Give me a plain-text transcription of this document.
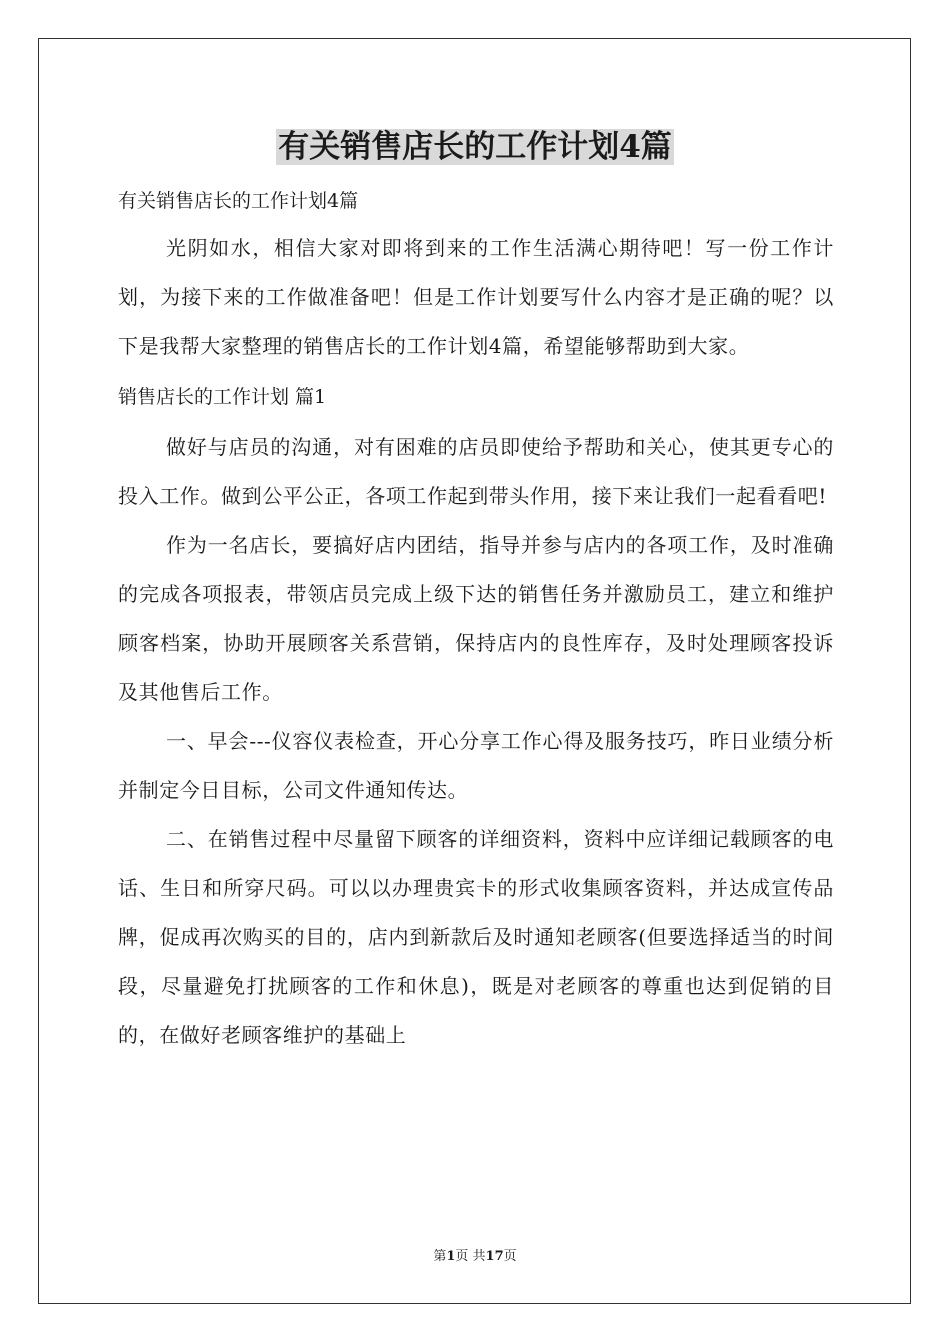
有关销售店长的工作计划4篇

有关销售店长的工作计划4篇

光阴如水，相信大家对即将到来的工作生活满心期待吧！写一份工作计划，为接下来的工作做准备吧！但是工作计划要写什么内容才是正确的呢？以下是我帮大家整理的销售店长的工作计划4篇，希望能够帮助到大家。

销售店长的工作计划 篇1

做好与店员的沟通，对有困难的店员即使给予帮助和关心，使其更专心的投入工作。做到公平公正，各项工作起到带头作用，接下来让我们一起看看吧!

作为一名店长，要搞好店内团结，指导并参与店内的各项工作，及时准确的完成各项报表，带领店员完成上级下达的销售任务并激励员工，建立和维护顾客档案，协助开展顾客关系营销，保持店内的良性库存，及时处理顾客投诉及其他售后工作。

一、早会---仪容仪表检查，开心分享工作心得及服务技巧，昨日业绩分析并制定今日目标，公司文件通知传达。

二、在销售过程中尽量留下顾客的详细资料，资料中应详细记载顾客的电话、生日和所穿尺码。可以以办理贵宾卡的形式收集顾客资料，并达成宣传品牌，促成再次购买的目的，店内到新款后及时通知老顾客(但要选择适当的时间段，尽量避免打扰顾客的工作和休息)，既是对老顾客的尊重也达到促销的目的，在做好老顾客维护的基础上

第1页 共17页
